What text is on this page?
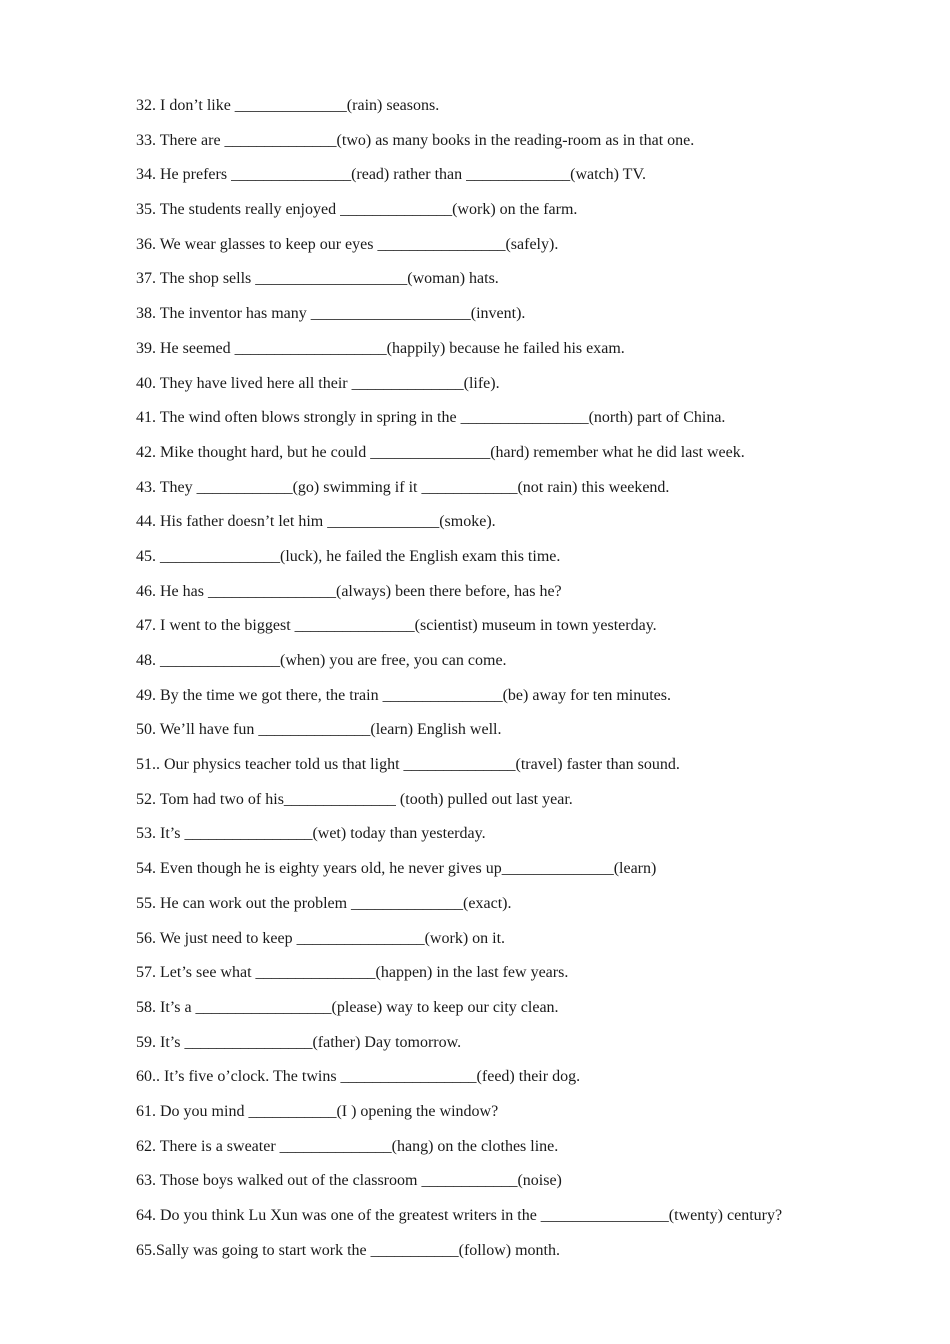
32. I don’t like ______________(rain) seasons.
33. There are ______________(two) as many books in the reading-room as in that one.
34. He prefers _______________(read) rather than _____________(watch) TV.
35. The students really enjoyed ______________(work) on the farm.
36. We wear glasses to keep our eyes ________________(safely).
37. The shop sells ___________________(woman) hats.
38. The inventor has many ____________________(invent).
39. He seemed ___________________(happily) because he failed his exam.
40. They have lived here all their ______________(life).
41. The wind often blows strongly in spring in the ________________(north) part of China.
42. Mike thought hard, but he could _______________(hard) remember what he did last week.
43. They ____________(go) swimming if it ____________(not rain) this weekend.
44. His father doesn’t let him ______________(smoke).
45. _______________(luck), he failed the English exam this time.
46. He has ________________(always) been there before, has he?
47. I went to the biggest _______________(scientist) museum in town yesterday.
48. _______________(when) you are free, you can come.
49. By the time we got there, the train _______________(be) away for ten minutes.
50. We’ll have fun ______________(learn) English well.
51.. Our physics teacher told us that light ______________(travel) faster than sound.
52. Tom had two of his______________ (tooth) pulled out last year.
53. It’s ________________(wet) today than yesterday.
54. Even though he is eighty years old, he never gives up______________(learn)
55. He can work out the problem ______________(exact).
56. We just need to keep ________________(work) on it.
57. Let’s see what _______________(happen) in the last few years.
58. It’s a _________________(please) way to keep our city clean.
59. It’s ________________(father) Day tomorrow.
60.. It’s five o’clock. The twins _________________(feed) their dog.
61. Do you mind ___________(I ) opening the window?
62. There is a sweater ______________(hang) on the clothes line.
63. Those boys walked out of the classroom ____________(noise)
64. Do you think Lu Xun was one of the greatest writers in the ________________(twenty) century?
65.Sally was going to start work the ___________(follow) month.
